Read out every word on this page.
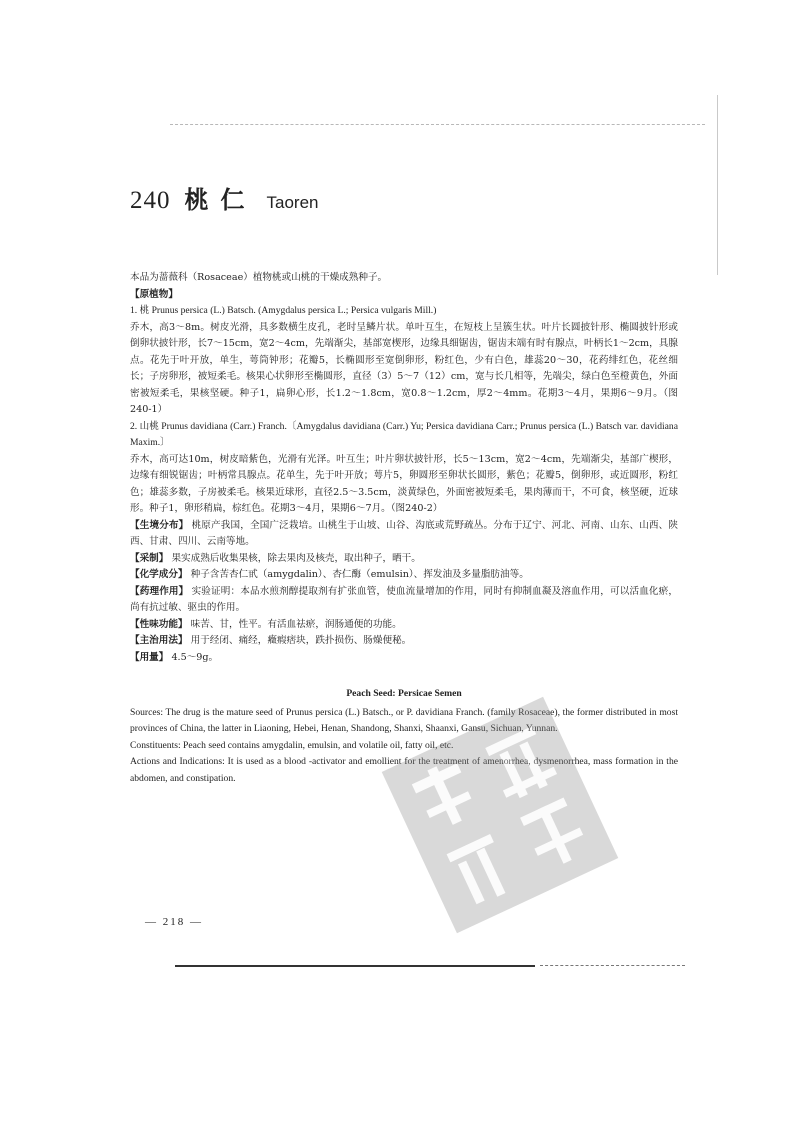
240 桃仁 Taoren

本品为蔷薇科（Rosaceae）植物桃或山桃的干燥成熟种子。

【原植物】

1. 桃 Prunus persica (L.) Batsch. (Amygdalus persica L.; Persica vulgaris Mill.)

乔木，高3～8m。树皮光滑，具多数横生皮孔，老时呈鳞片状。单叶互生，在短枝上呈簇生状。叶片长圆披针形、椭圆披针形或倒卵状披针形，长7～15cm，宽2～4cm，先端渐尖，基部宽楔形，边缘具细锯齿，锯齿末端有时有腺点，叶柄长1～2cm，具腺点。花先于叶开放，单生，萼筒钟形；花瓣5，长椭圆形至宽倒卵形，粉红色，少有白色，雄蕊20～30，花药绯红色，花丝细长；子房卵形，被短柔毛。核果心状卵形至椭圆形，直径（3）5～7（12）cm，宽与长几相等，先端尖，绿白色至橙黄色，外面密被短柔毛，果核坚硬。种子1，扁卵心形，长1.2～1.8cm，宽0.8～1.2cm，厚2～4mm。花期3～4月，果期6～9月。（图240-1）

2. 山桃 Prunus davidiana (Carr.) Franch.〔Amygdalus davidiana (Carr.) Yu; Persica davidiana Carr.; Prunus persica (L.) Batsch var. davidiana Maxim.〕

乔木，高可达10m，树皮暗紫色，光滑有光泽。叶互生；叶片卵状披针形，长5～13cm，宽2～4cm，先端渐尖，基部广楔形，边缘有细锐锯齿；叶柄常具腺点。花单生，先于叶开放；萼片5，卵圆形至卵状长圆形，紫色；花瓣5，倒卵形，或近圆形，粉红色；雄蕊多数，子房被柔毛。核果近球形，直径2.5～3.5cm，淡黄绿色，外面密被短柔毛，果肉薄而干，不可食，核坚硬，近球形。种子1，卵形稍扁，棕红色。花期3～4月，果期6～7月。（图240-2）

【生境分布】 桃原产我国，全国广泛栽培。山桃生于山坡、山谷、沟底或荒野疏丛。分布于辽宁、河北、河南、山东、山西、陕西、甘肃、四川、云南等地。

【采制】 果实成熟后收集果核，除去果肉及核壳，取出种子，晒干。

【化学成分】 种子含苦杏仁甙（amygdalin）、杏仁酶（emulsin）、挥发油及多量脂肪油等。

【药理作用】 实验证明：本品水煎剂醇提取剂有扩张血管，使血流量增加的作用，同时有抑制血凝及溶血作用，可以活血化瘀，尚有抗过敏、驱虫的作用。

【性味功能】 味苦、甘，性平。有活血祛瘀，润肠通便的功能。

【主治用法】 用于经闭、痛经，癥瘕痞块，跌扑损伤、肠燥便秘。

【用量】 4.5～9g。

Peach Seed: Persicae Semen

Sources: The drug is the mature seed of Prunus persica (L.) Batsch., or P. davidiana Franch. (family Rosaceae), the former distributed in most provinces of China, the latter in Liaoning, Hebei, Henan, Shandong, Shanxi, Shaanxi, Gansu, Sichuan, Yunnan.

Constituents: Peach seed contains amygdalin, emulsin, and volatile oil, fatty oil, etc.

Actions and Indications: It is used as a blood -activator and emollient for the treatment of amenorrhea, dysmenorrhea, mass formation in the abdomen, and constipation.

— 218 —
